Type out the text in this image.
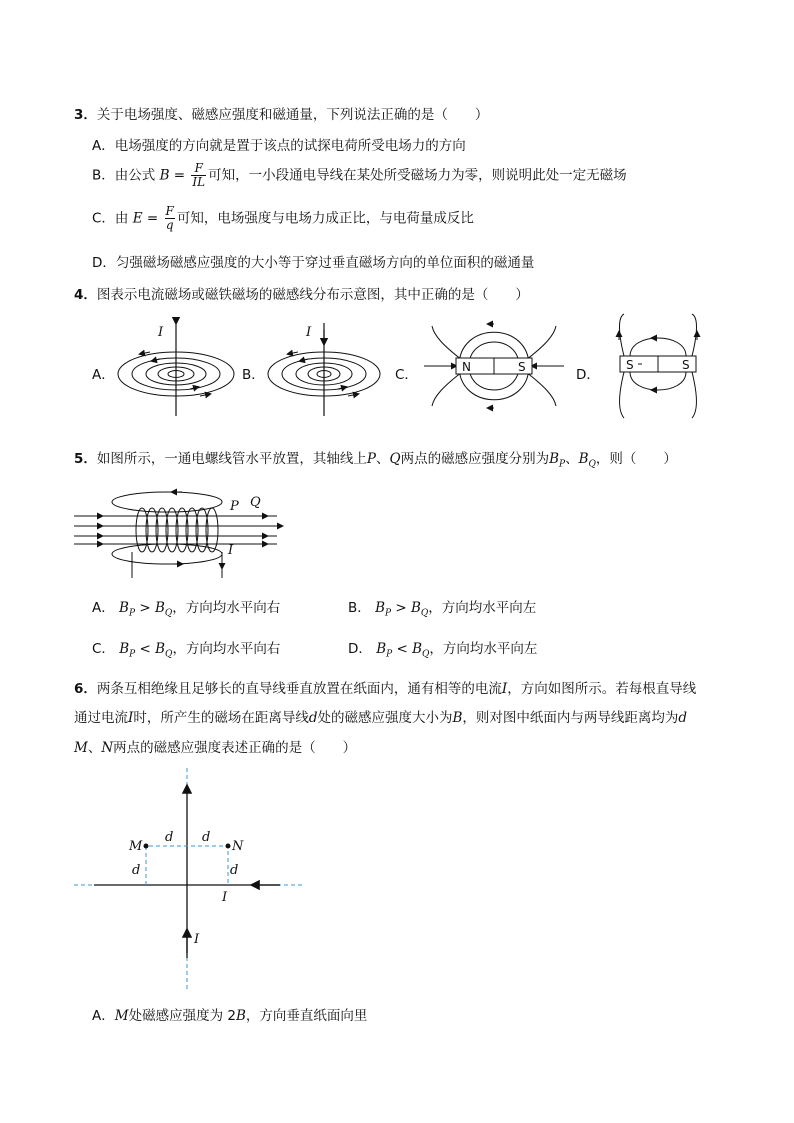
3．关于电场强度、磁感应强度和磁通量，下列说法正确的是（　　）
A．电场强度的方向就是置于该点的试探电荷所受电场力的方向
B．由公式 $B = \frac{F}{IL}$ 可知，一小段通电导线在某处所受磁场力为零，则说明此处一定无磁场
C．由 $E = \frac{F}{q}$ 可知，电场强度与电场力成正比，与电荷量成反比
D．匀强磁场磁感应强度的大小等于穿过垂直磁场方向的单位面积的磁通量
4．图表示电流磁场或磁铁磁场的磁感线分布示意图，其中正确的是（　　）
A．	B．	C．	D．
I	I
N	S	S	S
5．如图所示，一通电螺线管水平放置，其轴线上P、Q两点的磁感应强度分别为$B_P$、$B_Q$，则（　　）
P Q
I
A． $B_P > B_Q$，方向均水平向右	B． $B_P > B_Q$，方向均水平向左
C． $B_P < B_Q$，方向均水平向右	D． $B_P < B_Q$，方向均水平向左
6．两条互相绝缘且足够长的直导线垂直放置在纸面内，通有相等的电流I，方向如图所示。若每根直导线
通过电流I时，所产生的磁场在距离导线d处的磁感应强度大小为B，则对图中纸面内与两导线距离均为d
M、N两点的磁感应强度表述正确的是（　　）
M	N
d d
d	d
I
I
A．M处磁感应强度为 2B，方向垂直纸面向里
